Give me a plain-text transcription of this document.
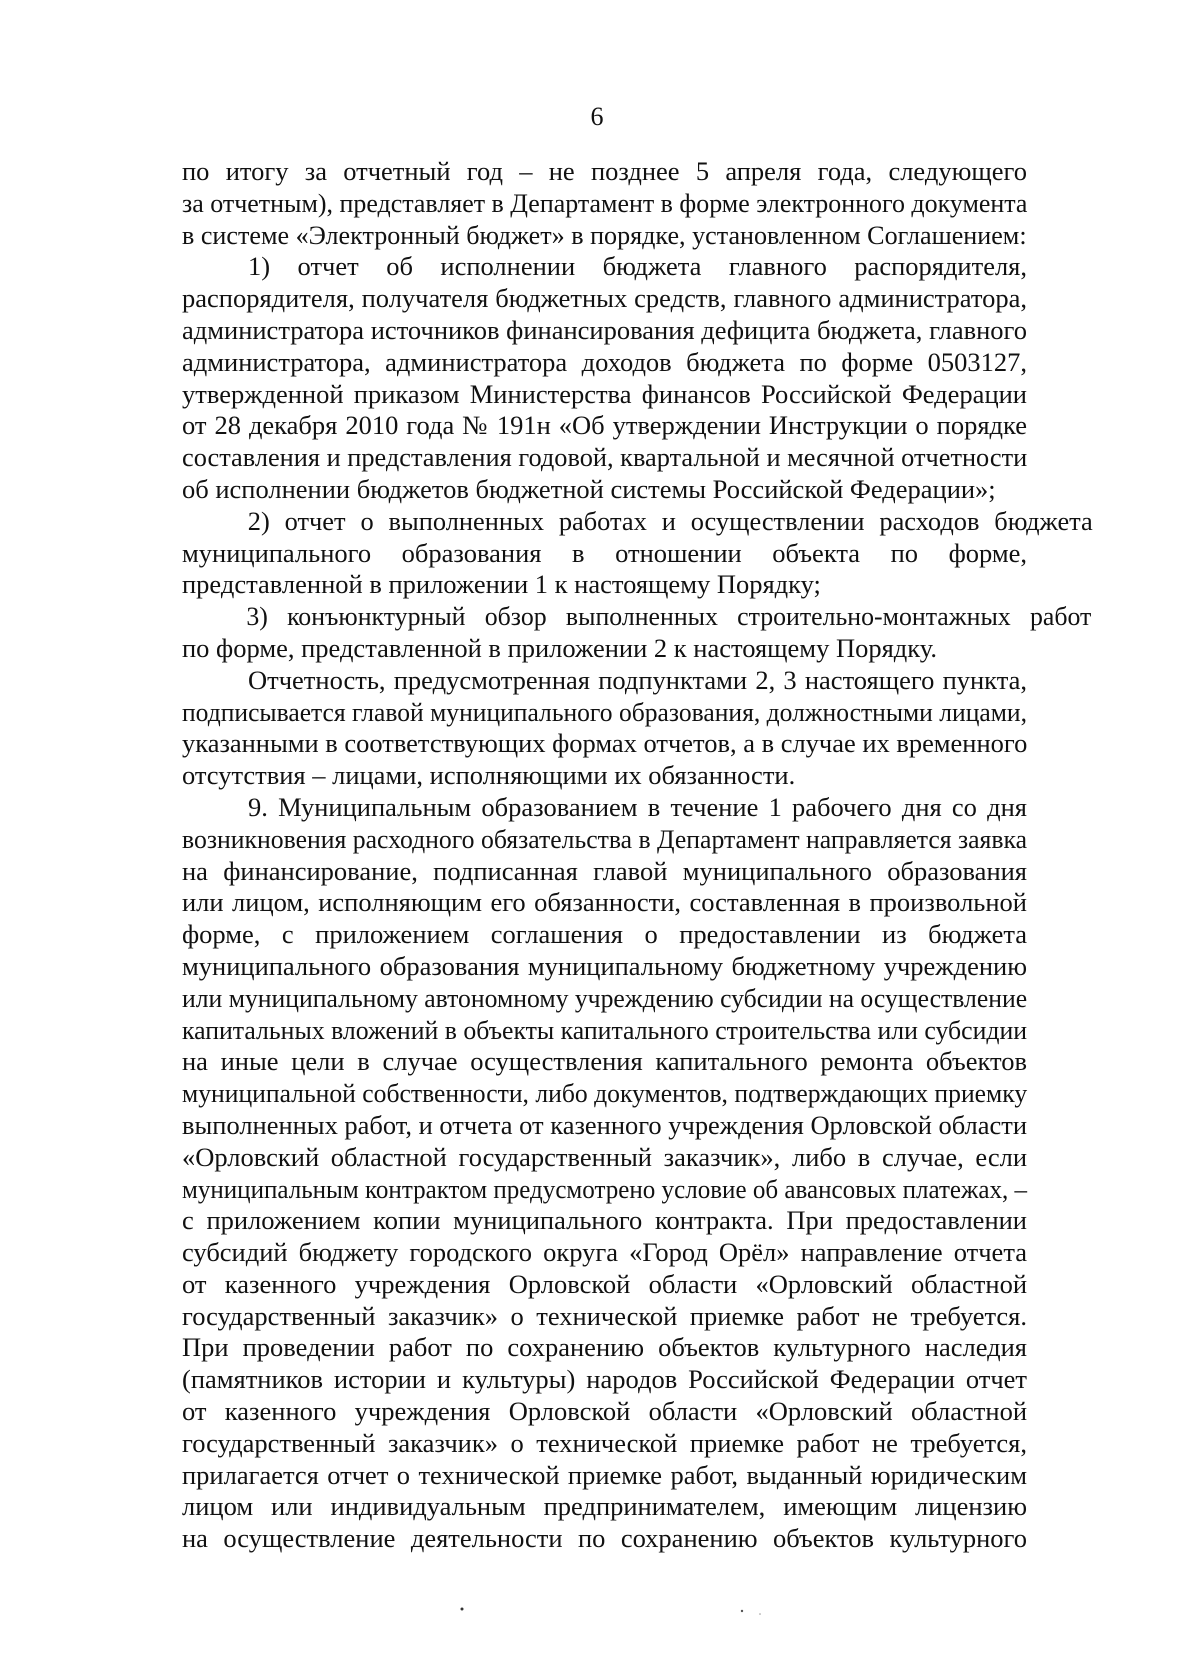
6
по итогу за отчетный год – не позднее 5 апреля года, следующего
за отчетным), представляет в Департамент в форме электронного документа
в системе «Электронный бюджет» в порядке, установленном Соглашением:
1) отчет об исполнении бюджета главного распорядителя,
распорядителя, получателя бюджетных средств, главного администратора,
администратора источников финансирования дефицита бюджета, главного
администратора, администратора доходов бюджета по форме 0503127,
утвержденной приказом Министерства финансов Российской Федерации
от 28 декабря 2010 года № 191н «Об утверждении Инструкции о порядке
составления и представления годовой, квартальной и месячной отчетности
об исполнении бюджетов бюджетной системы Российской Федерации»;
2) отчет о выполненных работах и осуществлении расходов бюджета
муниципального образования в отношении объекта по форме,
представленной в приложении 1 к настоящему Порядку;
3) конъюнктурный обзор выполненных строительно-монтажных работ
по форме, представленной в приложении 2 к настоящему Порядку.
Отчетность, предусмотренная подпунктами 2, 3 настоящего пункта,
подписывается главой муниципального образования, должностными лицами,
указанными в соответствующих формах отчетов, а в случае их временного
отсутствия – лицами, исполняющими их обязанности.
9. Муниципальным образованием в течение 1 рабочего дня со дня
возникновения расходного обязательства в Департамент направляется заявка
на финансирование, подписанная главой муниципального образования
или лицом, исполняющим его обязанности, составленная в произвольной
форме, с приложением соглашения о предоставлении из бюджета
муниципального образования муниципальному бюджетному учреждению
или муниципальному автономному учреждению субсидии на осуществление
капитальных вложений в объекты капитального строительства или субсидии
на иные цели в случае осуществления капитального ремонта объектов
муниципальной собственности, либо документов, подтверждающих приемку
выполненных работ, и отчета от казенного учреждения Орловской области
«Орловский областной государственный заказчик», либо в случае, если
муниципальным контрактом предусмотрено условие об авансовых платежах, –
с приложением копии муниципального контракта. При предоставлении
субсидий бюджету городского округа «Город Орёл» направление отчета
от казенного учреждения Орловской области «Орловский областной
государственный заказчик» о технической приемке работ не требуется.
При проведении работ по сохранению объектов культурного наследия
(памятников истории и культуры) народов Российской Федерации отчет
от казенного учреждения Орловской области «Орловский областной
государственный заказчик» о технической приемке работ не требуется,
прилагается отчет о технической приемке работ, выданный юридическим
лицом или индивидуальным предпринимателем, имеющим лицензию
на осуществление деятельности по сохранению объектов культурного
